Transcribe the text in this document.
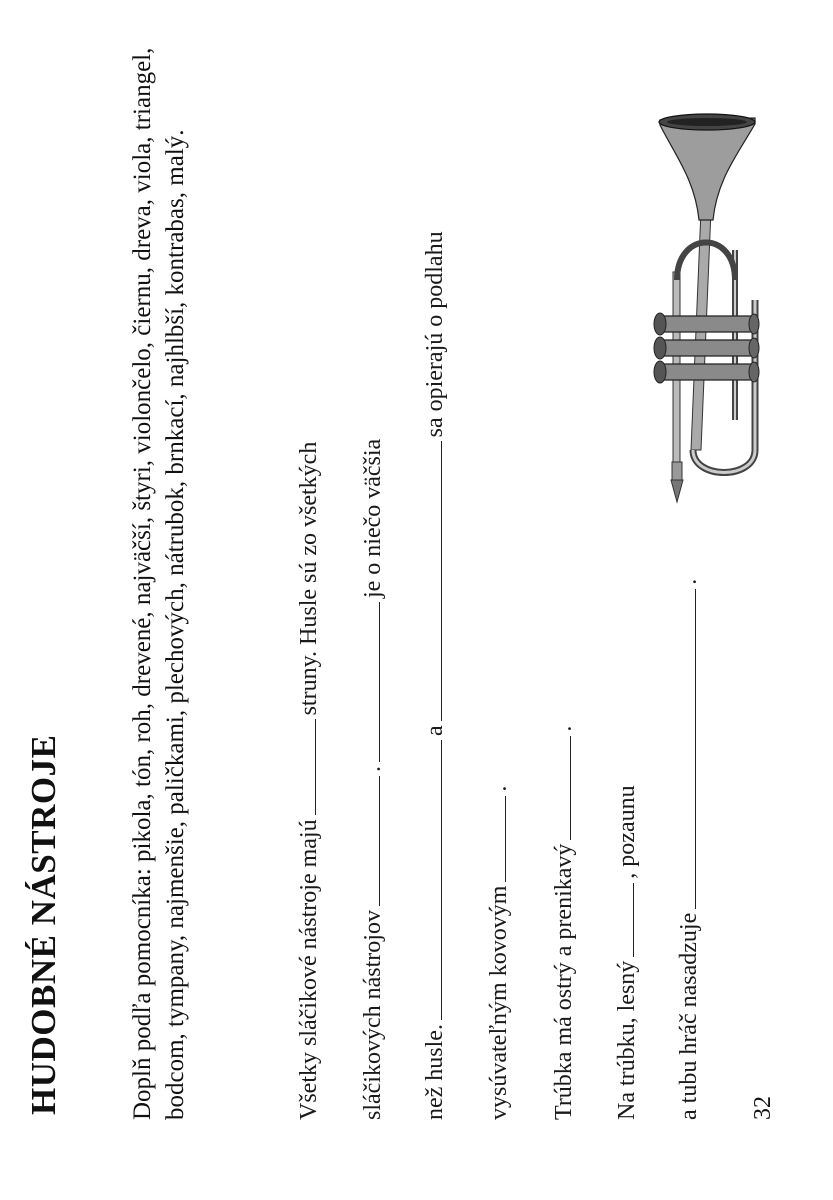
HUDOBNÉ NÁSTROJE	Doplň podľa pomocníka: pikola, tón, roh, drevené, najväčší, štyri, violončelo, čiernu, dreva, viola, triangel, bodcom, tympany, najmenšie, paličkami, plechových, nátrubok, brnkací, najhlbší, kontrabas, malý.	Všetky sláčikové nástroje majústruny. Husle sú zo všetkých
sláčikových nástrojov.je o niečo väčšia
než husle.asa opierajú o podlahu
vysúvateľným kovovým.
Trúbka má ostrý a prenikavý.
Na trúbku, lesný, pozaunu
a tubu hráč nasadzuje.
32
